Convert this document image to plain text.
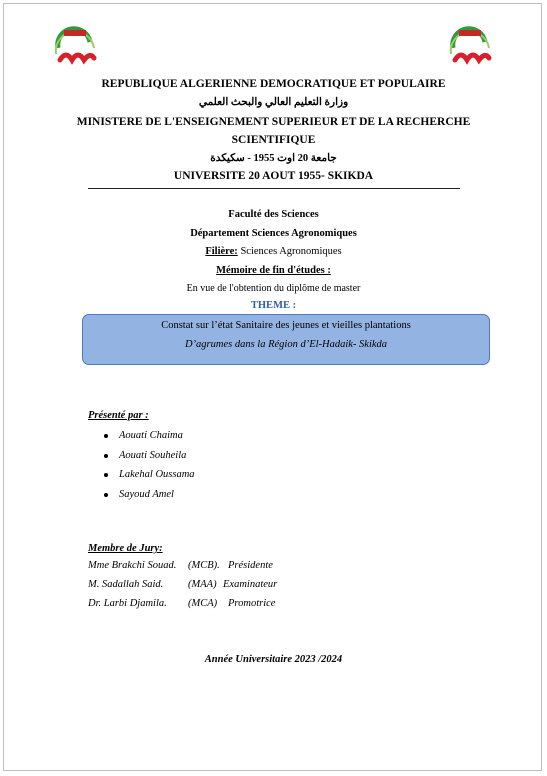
REPUBLIQUE ALGERIENNE DEMOCRATIQUE ET POPULAIRE
وزارة التعليم العالي والبحث العلمي
MINISTERE DE L'ENSEIGNEMENT SUPERIEUR ET DE LA RECHERCHE
SCIENTIFIQUE
جامعة 20 اوت 1955 - سكيكدة
UNIVERSITE 20 AOUT 1955- SKIKDA
Faculté des Sciences
Département Sciences Agronomiques
Filière: Sciences Agronomiques
Mémoire de fin d'études :
En vue de l'obtention du diplôme de master
THEME :
Constat sur l’état Sanitaire des jeunes et vieilles plantations
D’agrumes dans la Région d’El-Hadaik- Skikda
Présenté par :
Aouati Chaima
Aouati Souheila
Lakehal Oussama
Sayoud Amel
Membre de Jury:
Mme Brakchi Souad. (MCB). Présidente
M. Sadallah Said. (MAA) Examinateur
Dr. Larbi Djamila. (MCA) Promotrice
Année Universitaire 2023 /2024
